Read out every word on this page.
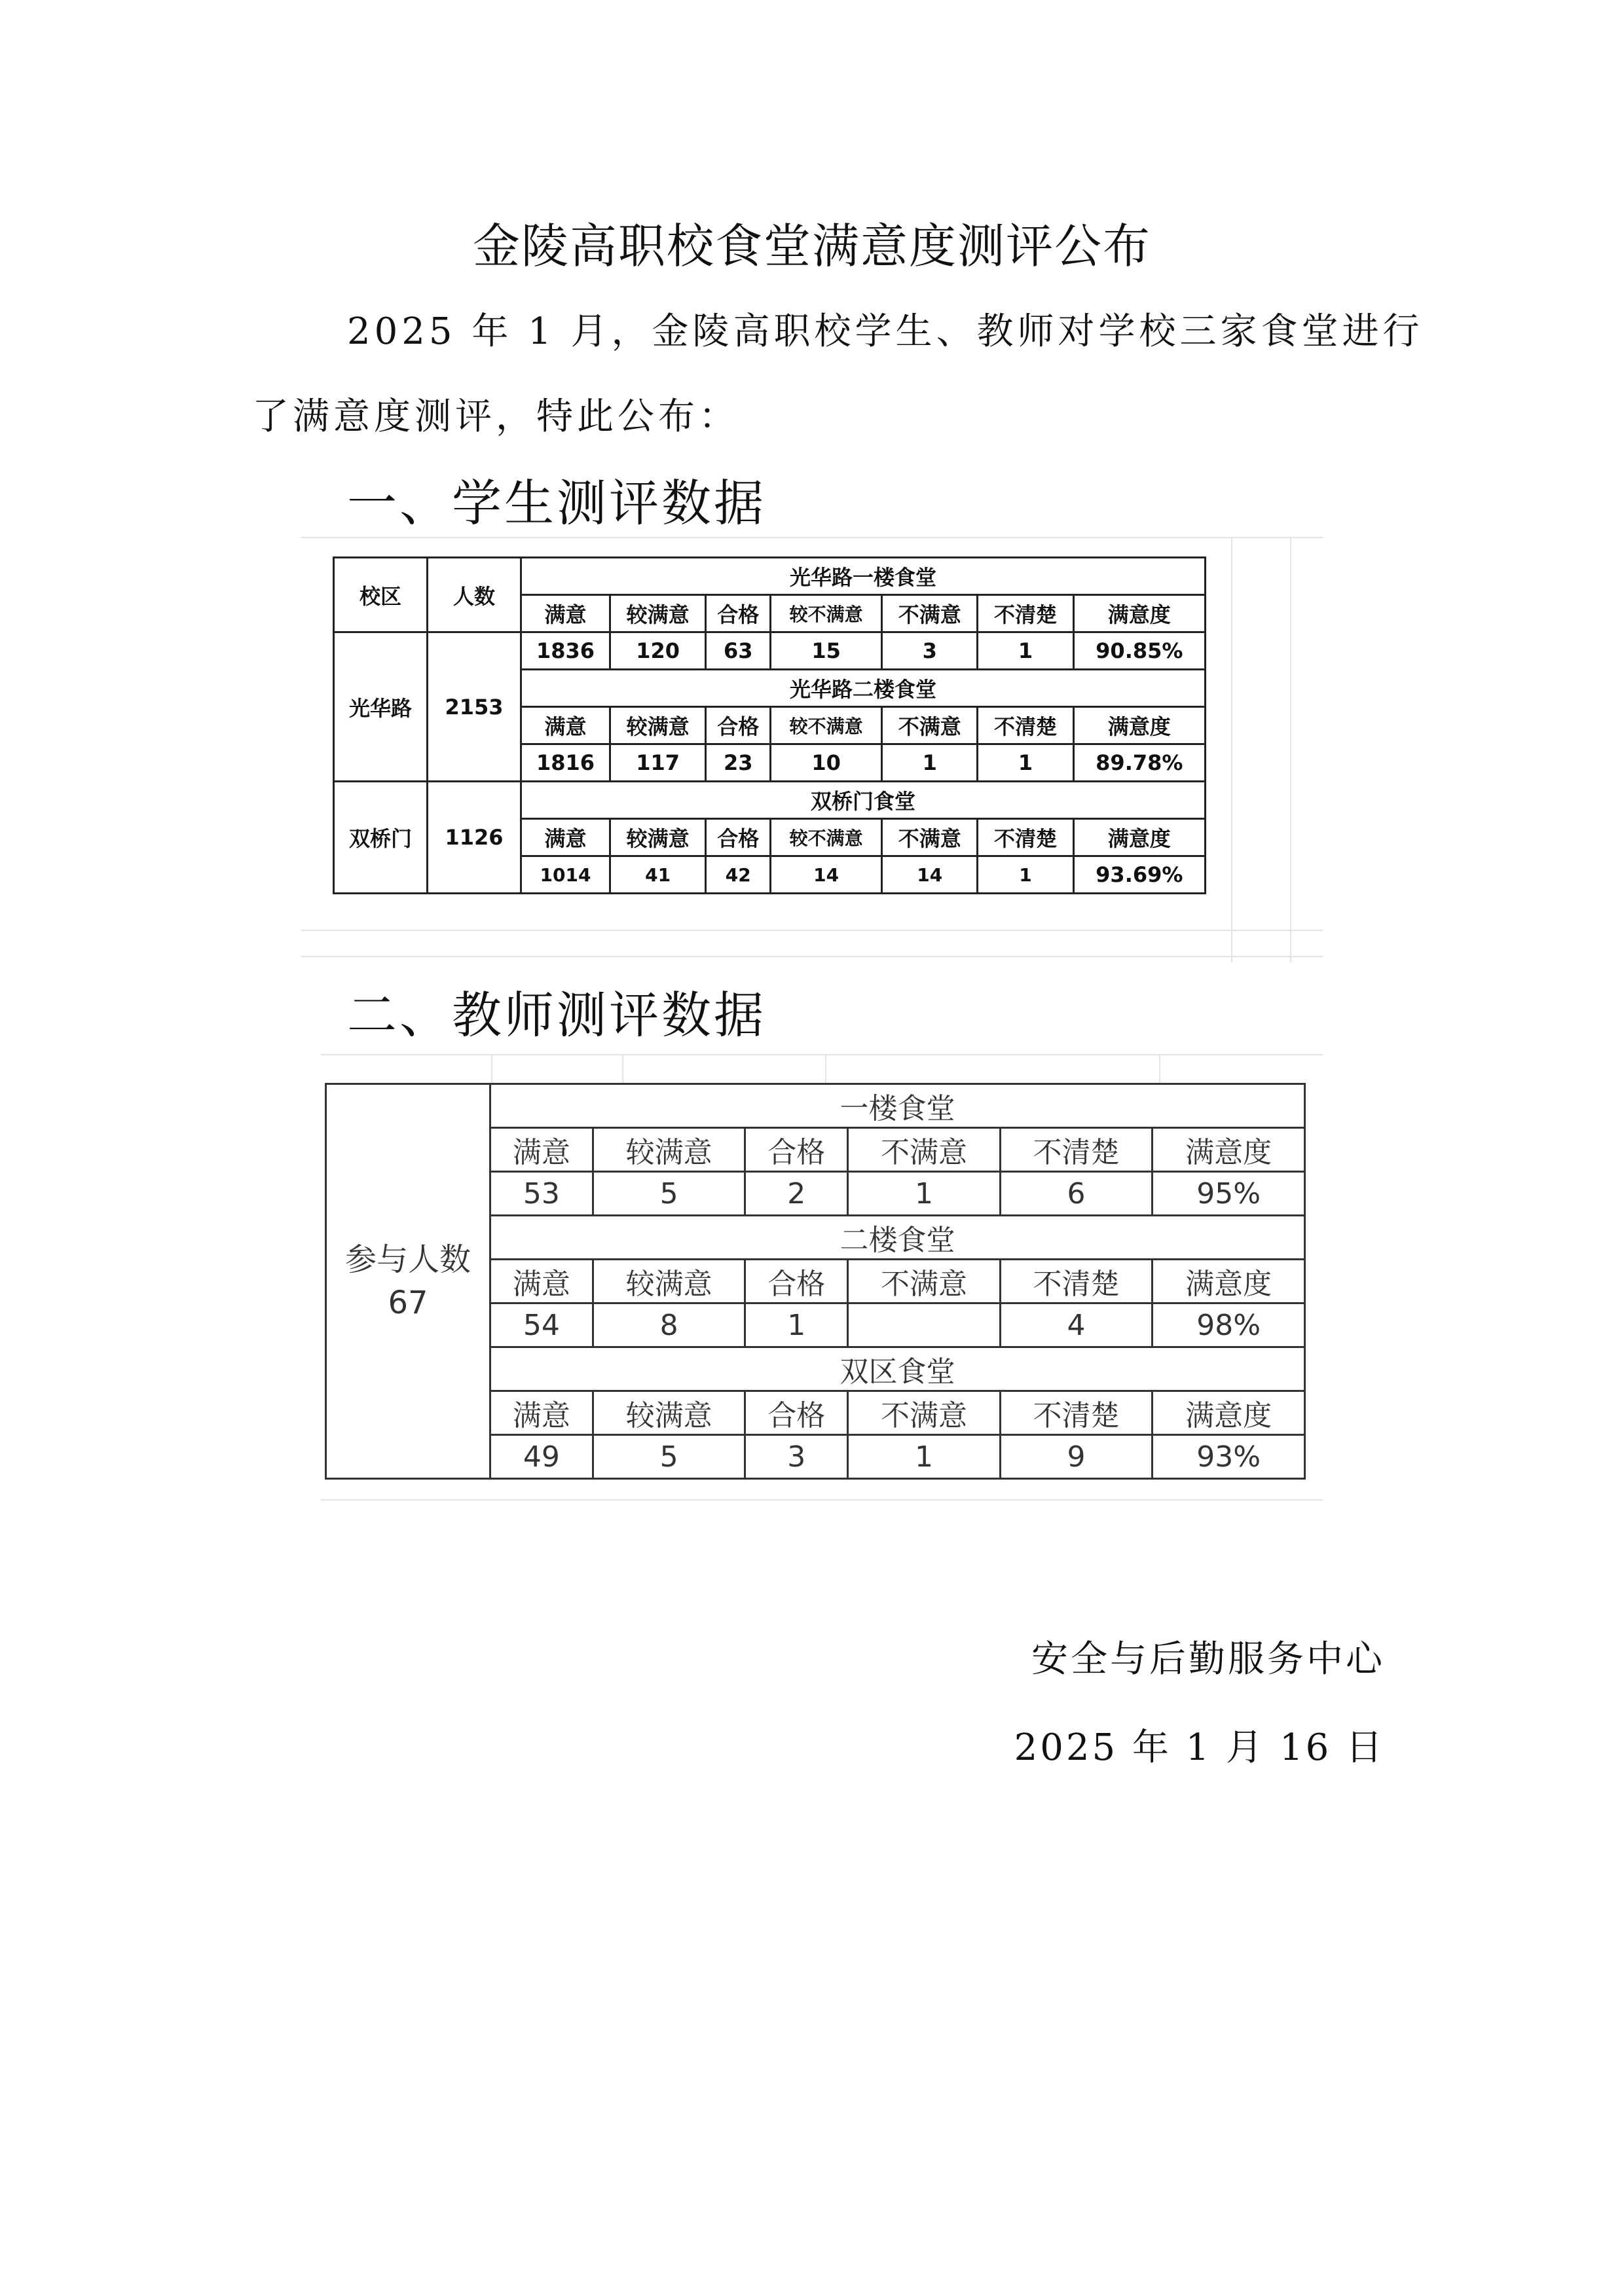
金陵高职校食堂满意度测评公布
2025 年 1 月，金陵高职校学生、教师对学校三家食堂进行
了满意度测评，特此公布：
一、学生测评数据
校区	人数	光华路一楼食堂						
		满意	较满意	合格	较不满意	不满意	不清楚	满意度
光华路	2153	1836	120	63	15	3	1	90.85%
		光华路二楼食堂						
		满意	较满意	合格	较不满意	不满意	不清楚	满意度
		1816	117	23	10	1	1	89.78%
双桥门	1126	双桥门食堂						
		满意	较满意	合格	较不满意	不满意	不清楚	满意度
		1014	41	42	14	14	1	93.69%
二、教师测评数据
参与人数
67	一楼食堂					
	满意	较满意	合格	不满意	不清楚	满意度
	53	5	2	1	6	95%
	二楼食堂					
	满意	较满意	合格	不满意	不清楚	满意度
	54	8	1		4	98%
	双区食堂					
	满意	较满意	合格	不满意	不清楚	满意度
	49	5	3	1	9	93%
安全与后勤服务中心
2025 年 1 月 16 日
